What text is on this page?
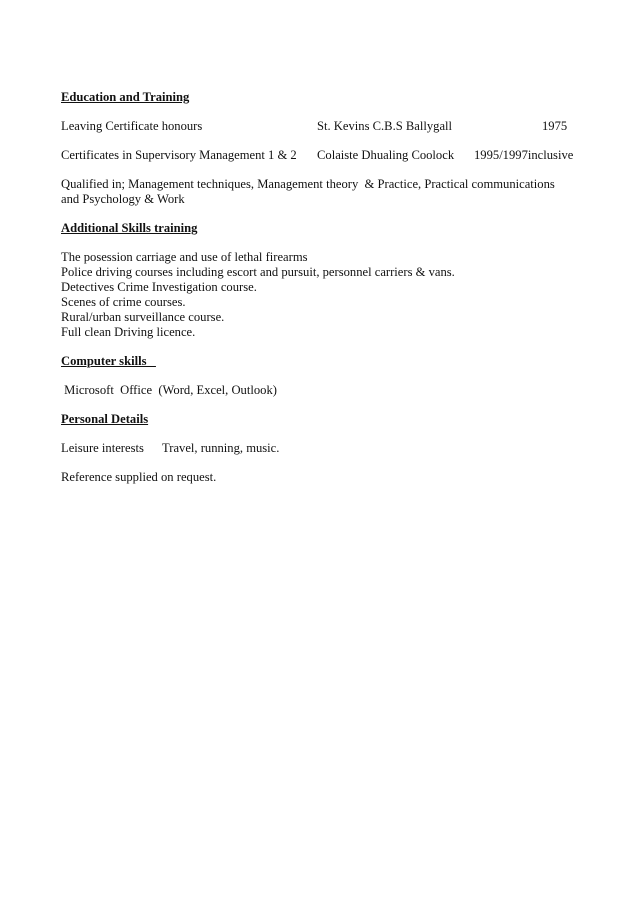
Education and Training

Leaving Certificate honours	St. Kevins C.B.S Ballygall	1975
Certificates in Supervisory Management 1 & 2 Colaiste Dhualing Coolock 1995/1997inclusive

Qualified in; Management techniques, Management theory  & Practice, Practical communications
and Psychology & Work

Additional Skills training

The posession carriage and use of lethal firearms
Police driving courses including escort and pursuit, personnel carriers & vans.
Detectives Crime Investigation course.
Scenes of crime courses.
Rural/urban surveillance course.
Full clean Driving licence.

Computer skills

Microsoft  Office  (Word, Excel, Outlook)

Personal Details

Leisure interests Travel, running, music.

Reference supplied on request.
